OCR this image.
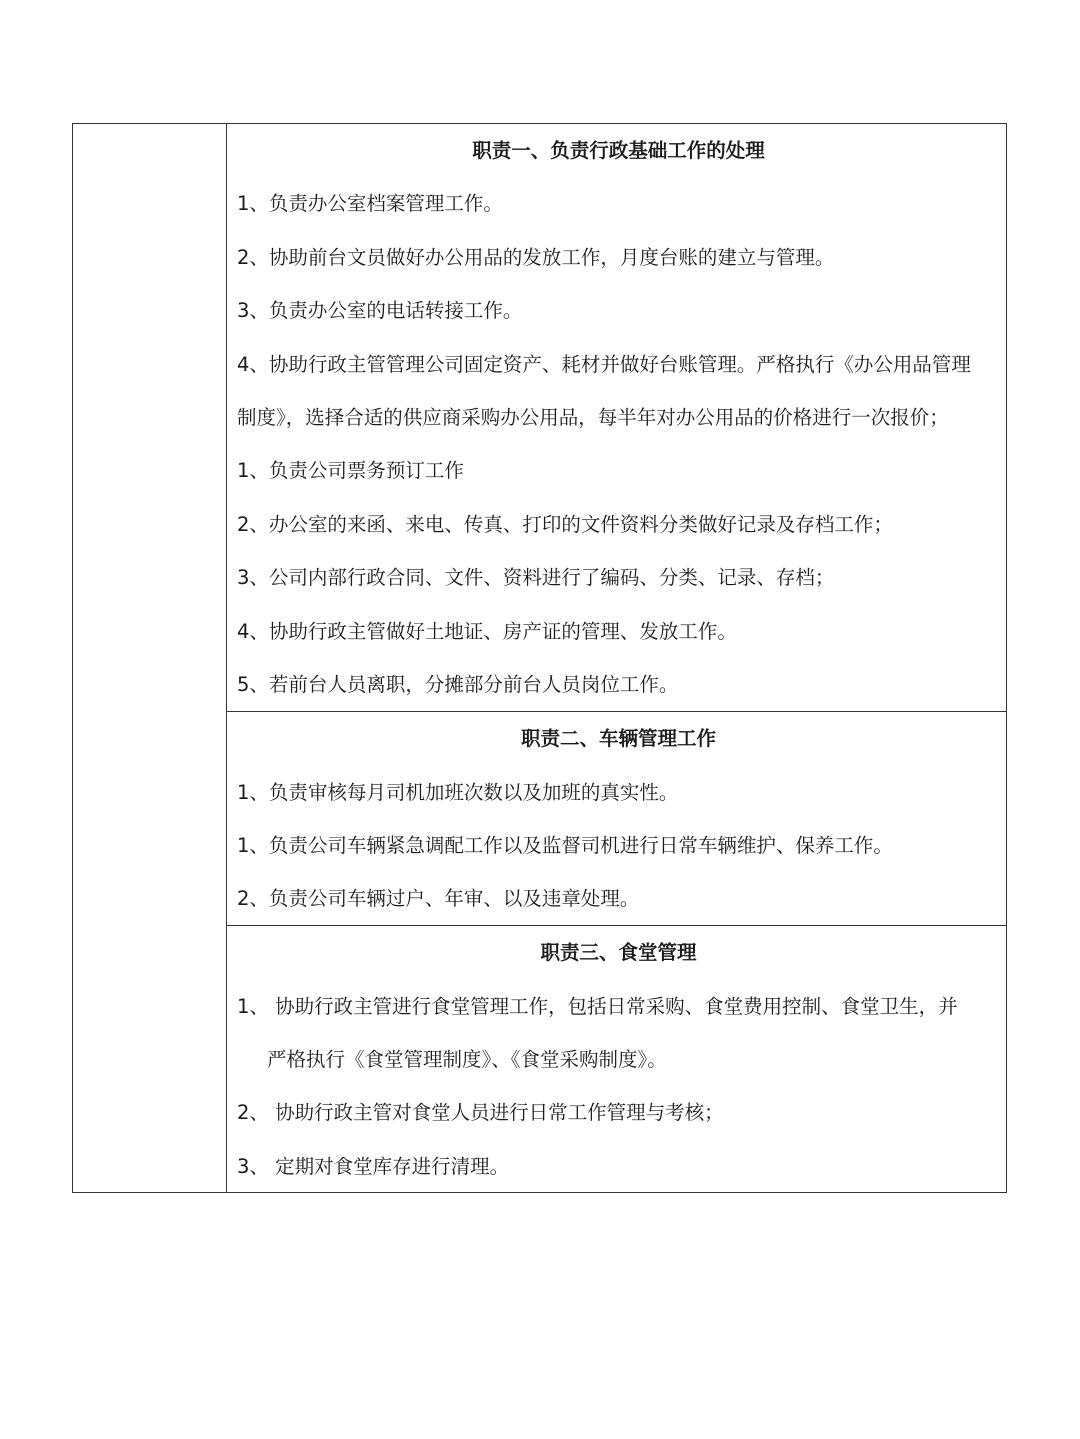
职责一、负责行政基础工作的处理
1、负责办公室档案管理工作。
2、协助前台文员做好办公用品的发放工作，月度台账的建立与管理。
3、负责办公室的电话转接工作。
4、协助行政主管管理公司固定资产、耗材并做好台账管理。严格执行《办公用品管理
制度》，选择合适的供应商采购办公用品，每半年对办公用品的价格进行一次报价；
1、负责公司票务预订工作
2、办公室的来函、来电、传真、打印的文件资料分类做好记录及存档工作；
3、公司内部行政合同、文件、资料进行了编码、分类、记录、存档；
4、协助行政主管做好土地证、房产证的管理、发放工作。
5、若前台人员离职，分摊部分前台人员岗位工作。
职责二、车辆管理工作
1、负责审核每月司机加班次数以及加班的真实性。
1、负责公司车辆紧急调配工作以及监督司机进行日常车辆维护、保养工作。
2、负责公司车辆过户、年审、以及违章处理。
职责三、食堂管理
1、 协助行政主管进行食堂管理工作，包括日常采购、食堂费用控制、食堂卫生，并
严格执行《食堂管理制度》、《食堂采购制度》。
2、 协助行政主管对食堂人员进行日常工作管理与考核；
3、 定期对食堂库存进行清理。
